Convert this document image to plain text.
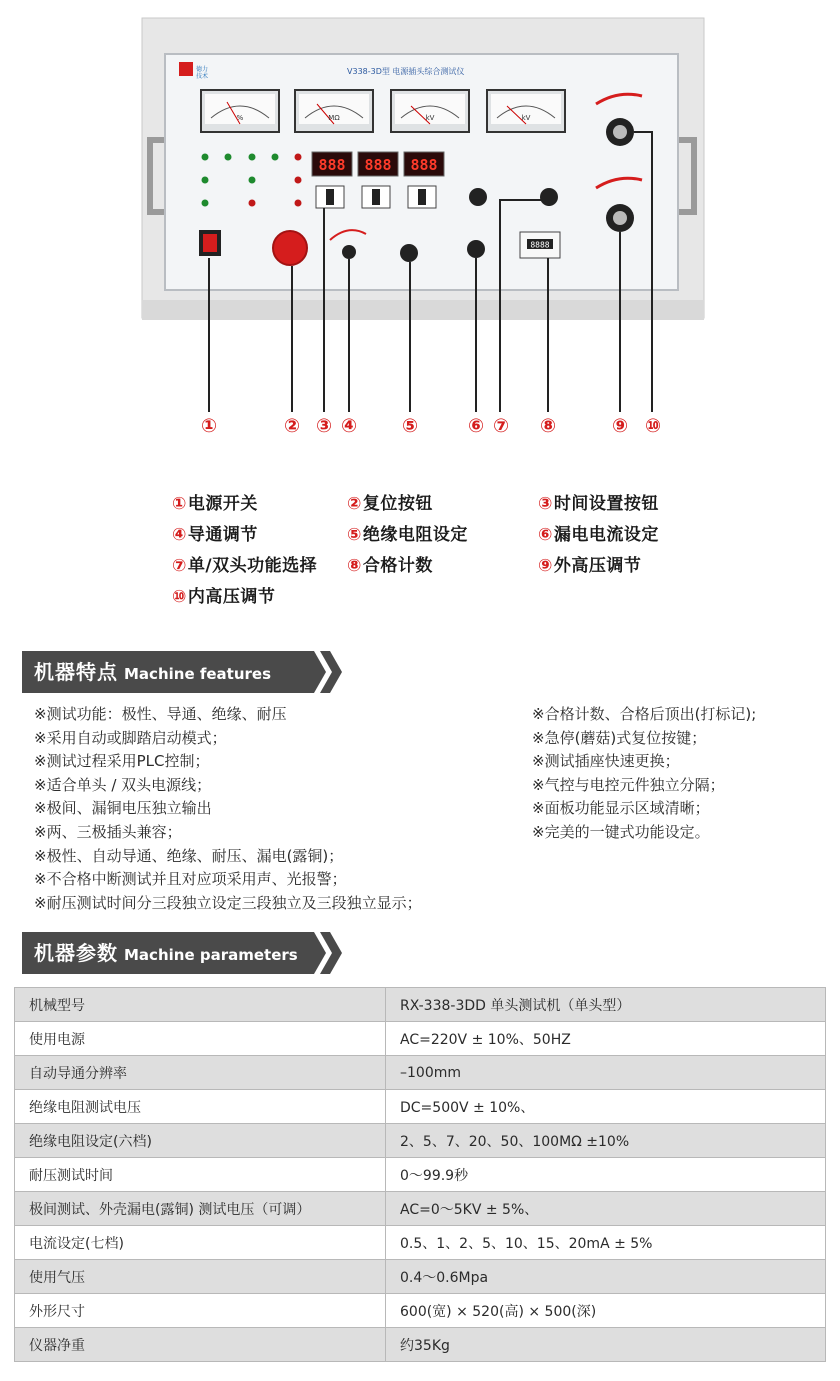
德力
技术
V338-3D型 电源插头综合测试仪
%	MΩ	kV	kV
888 888 888
8888
①	② ③ ④	⑤	⑥ ⑦	⑧	⑨ ⑩
①电源开关	②复位按钮	③时间设置按钮
④导通调节	⑤绝缘电阻设定	⑥漏电电流设定
⑦单/双头功能选择 ⑧合格计数	⑨外高压调节
⑩内高压调节
机器特点 Machine features
※测试功能：极性、导通、绝缘、耐压
※采用自动或脚踏启动模式；
※测试过程采用PLC控制；
※适合单头 / 双头电源线；
※极间、漏铜电压独立输出
※两、三极插头兼容；
※极性、自动导通、绝缘、耐压、漏电(露铜)；
※不合格中断测试并且对应项采用声、光报警；
※耐压测试时间分三段独立设定三段独立及三段独立显示；
※合格计数、合格后顶出(打标记);
※急停(蘑菇)式复位按键；
※测试插座快速更换；
※气控与电控元件独立分隔；
※面板功能显示区域清晰；
※完美的一键式功能设定。
机器参数 Machine parameters
机械型号	RX-338-3DD 单头测试机（单头型）
使用电源	AC=220V ± 10%、50HZ
自动导通分辨率	–100mm
绝缘电阻测试电压	DC=500V ± 10%、
绝缘电阻设定(六档)	2、5、7、20、50、100MΩ ±10%
耐压测试时间	0～99.9秒
极间测试、外壳漏电(露铜) 测试电压（可调）	AC=0～5KV ± 5%、
电流设定(七档)	0.5、1、2、5、10、15、20mA ± 5%
使用气压	0.4～0.6Mpa
外形尺寸	600(宽) × 520(高) × 500(深)
仪器净重	约35Kg
